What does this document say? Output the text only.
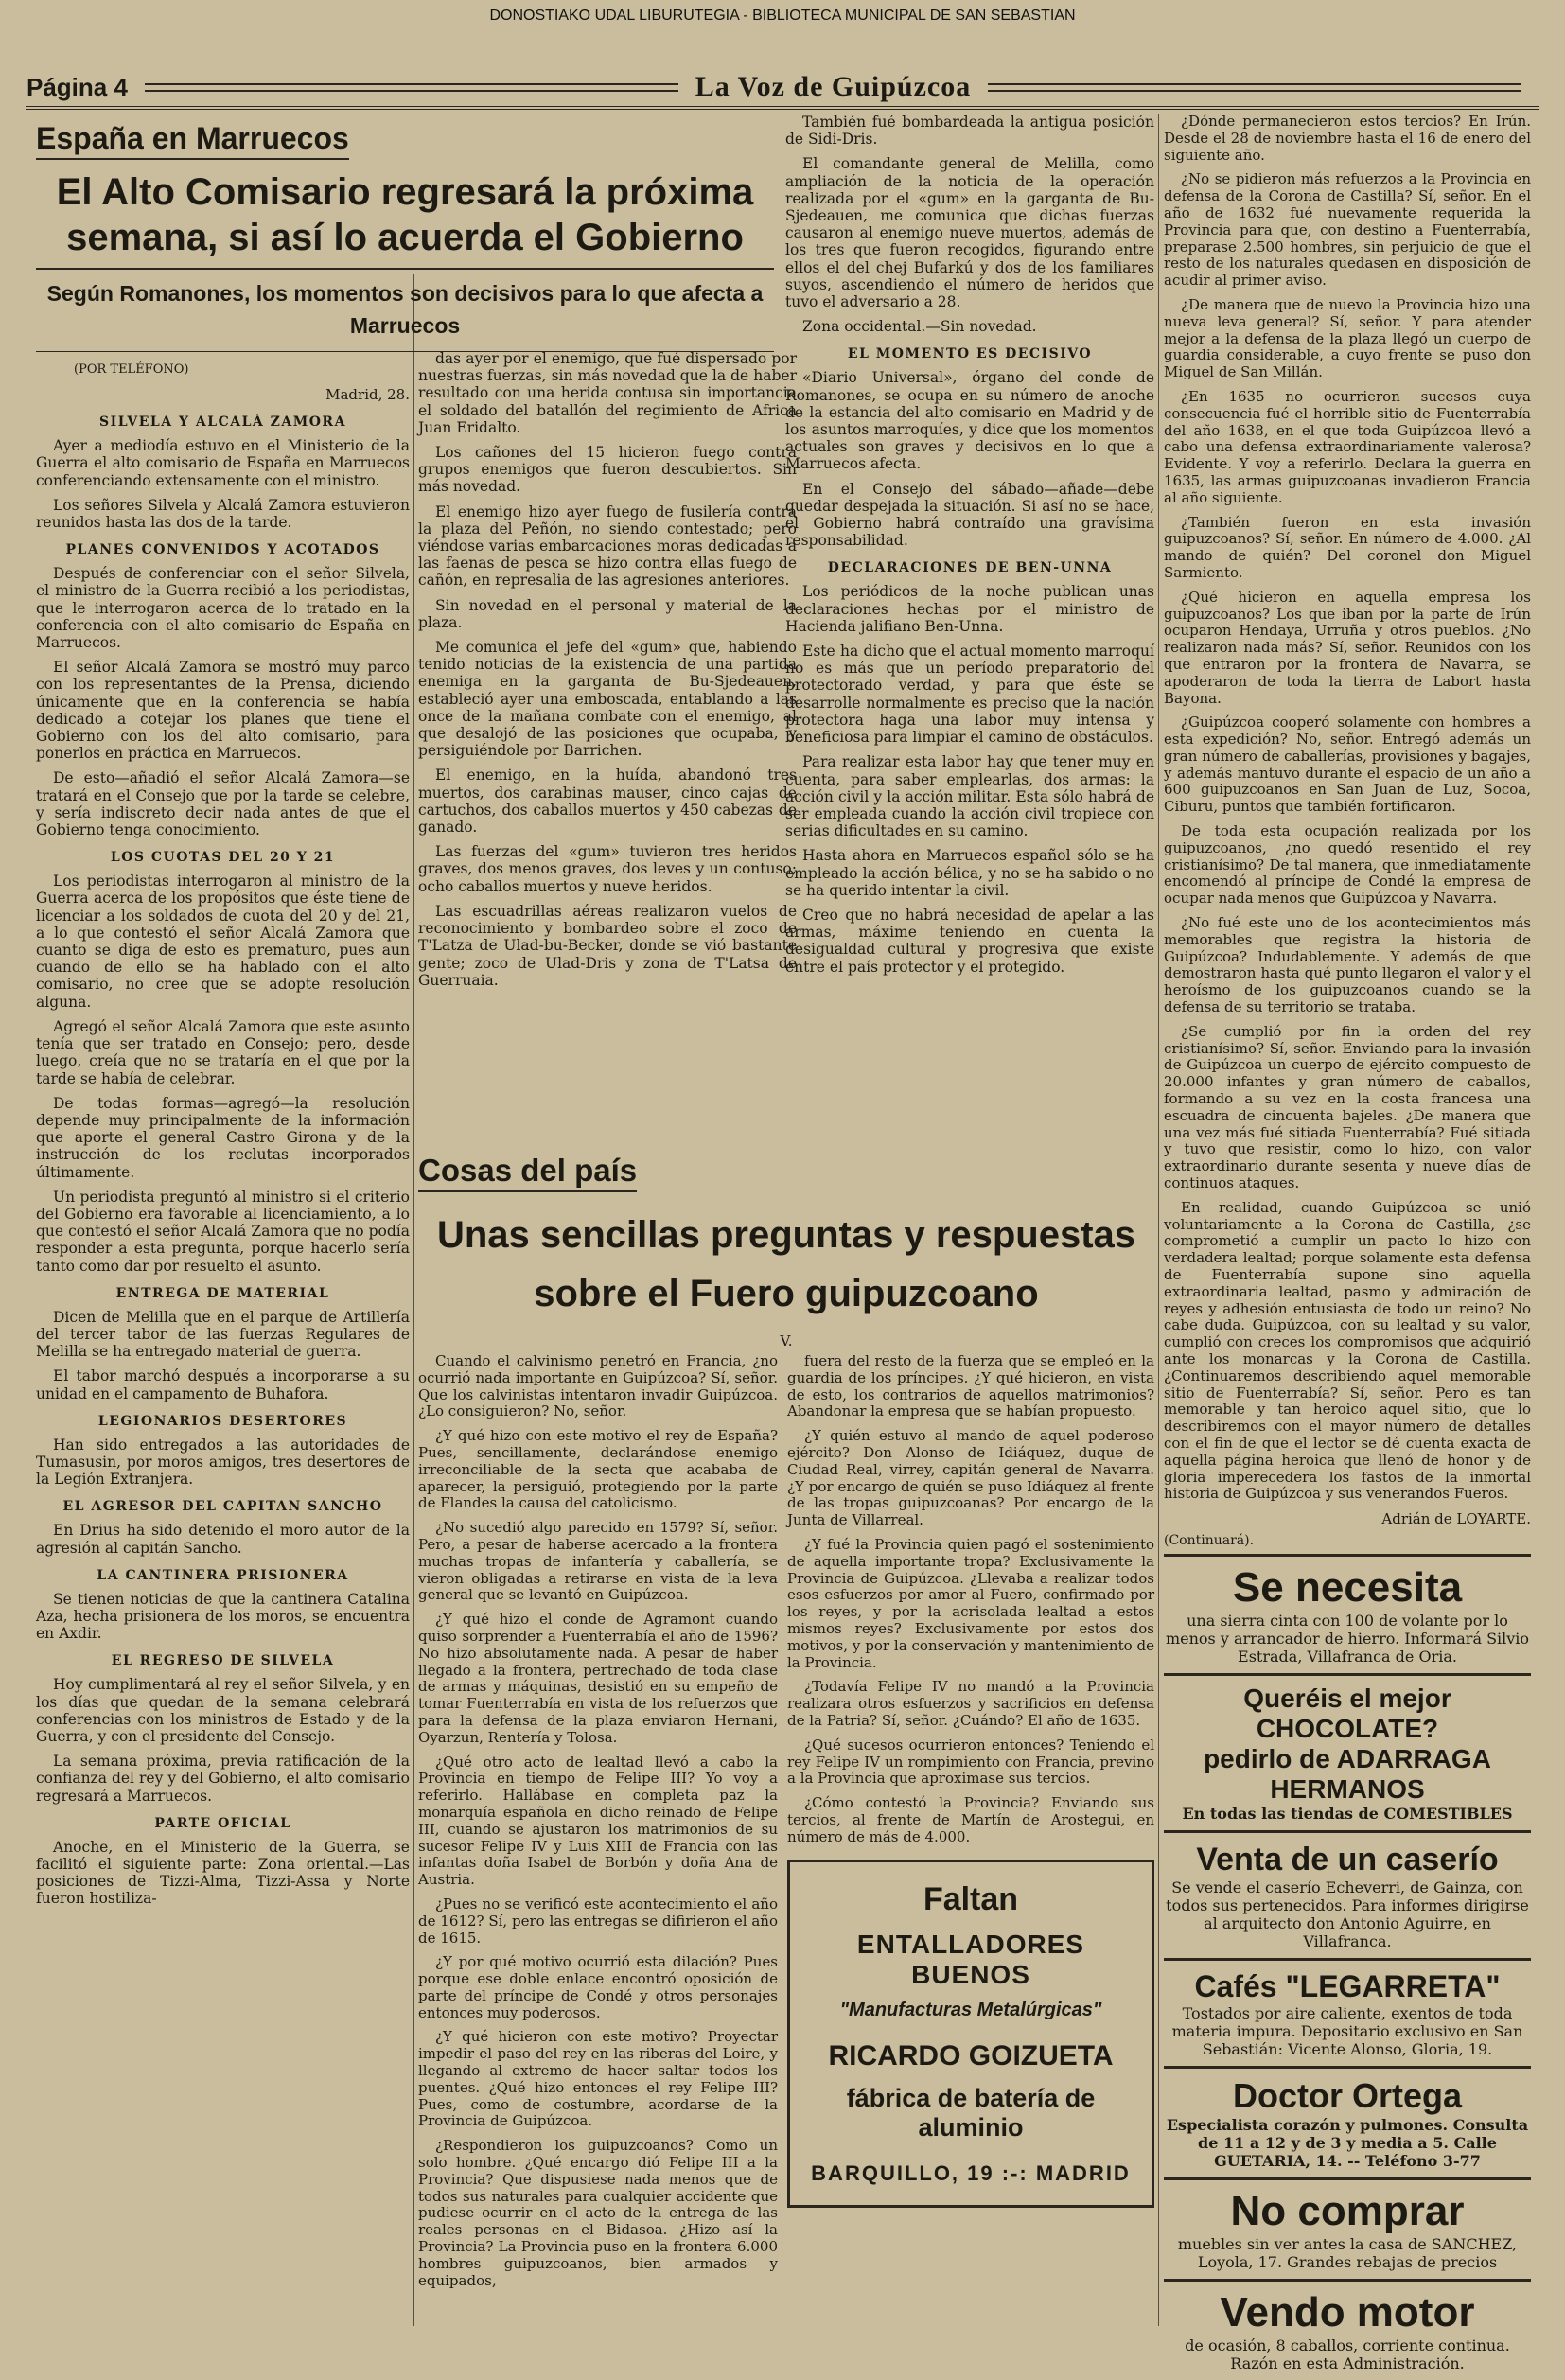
DONOSTIAKO UDAL LIBURUTEGIA - BIBLIOTECA MUNICIPAL DE SAN SEBASTIAN
Página 4	La Voz de Guipúzcoa
España en Marruecos
El Alto Comisario regresará la próxima semana, si así lo acuerda el Gobierno
Según Romanones, los momentos son decisivos para lo que afecta a Marruecos

(POR TELÉFONO)

Madrid, 28.
SILVELA Y ALCALÁ ZAMORA

Ayer a mediodía estuvo en el Ministerio de la Guerra el alto comisario de España en Marruecos conferenciando extensamente con el ministro.

Los señores Silvela y Alcalá Zamora estuvieron reunidos hasta las dos de la tarde.

PLANES CONVENIDOS Y ACOTADOS

Después de conferenciar con el señor Silvela, el ministro de la Guerra recibió a los periodistas, que le interrogaron acerca de lo tratado en la conferencia con el alto comisario de España en Marruecos.

El señor Alcalá Zamora se mostró muy parco con los representantes de la Prensa, diciendo únicamente que en la conferencia se había dedicado a cotejar los planes que tiene el Gobierno con los del alto comisario, para ponerlos en práctica en Marruecos.

De esto—añadió el señor Alcalá Zamora—se tratará en el Consejo que por la tarde se celebre, y sería indiscreto decir nada antes de que el Gobierno tenga conocimiento.

LOS CUOTAS DEL 20 Y 21

Los periodistas interrogaron al ministro de la Guerra acerca de los propósitos que éste tiene de licenciar a los soldados de cuota del 20 y del 21, a lo que contestó el señor Alcalá Zamora que cuanto se diga de esto es prematuro, pues aun cuando de ello se ha hablado con el alto comisario, no cree que se adopte resolución alguna.

Agregó el señor Alcalá Zamora que este asunto tenía que ser tratado en Consejo; pero, desde luego, creía que no se trataría en el que por la tarde se había de celebrar.

De todas formas—agregó—la resolución depende muy principalmente de la información que aporte el general Castro Girona y de la instrucción de los reclutas incorporados últimamente.

Un periodista preguntó al ministro si el criterio del Gobierno era favorable al licenciamiento, a lo que contestó el señor Alcalá Zamora que no podía responder a esta pregunta, porque hacerlo sería tanto como dar por resuelto el asunto.

ENTREGA DE MATERIAL

Dicen de Melilla que en el parque de Artillería del tercer tabor de las fuerzas Regulares de Melilla se ha entregado material de guerra.

El tabor marchó después a incorporarse a su unidad en el campamento de Buhafora.

LEGIONARIOS DESERTORES

Han sido entregados a las autoridades de Tumasusin, por moros amigos, tres desertores de la Legión Extranjera.

EL AGRESOR DEL CAPITAN SANCHO

En Drius ha sido detenido el moro autor de la agresión al capitán Sancho.

LA CANTINERA PRISIONERA

Se tienen noticias de que la cantinera Catalina Aza, hecha prisionera de los moros, se encuentra en Axdir.

EL REGRESO DE SILVELA

Hoy cumplimentará al rey el señor Silvela, y en los días que quedan de la semana celebrará conferencias con los ministros de Estado y de la Guerra, y con el presidente del Consejo.

La semana próxima, previa ratificación de la confianza del rey y del Gobierno, el alto comisario regresará a Marruecos.

PARTE OFICIAL

Anoche, en el Ministerio de la Guerra, se facilitó el siguiente parte: Zona oriental.—Las posiciones de Tizzi-Alma, Tizzi-Assa y Norte fueron hostiliza-

das ayer por el enemigo, que fué dispersado por nuestras fuerzas, sin más novedad que la de haber resultado con una herida contusa sin importancia el soldado del batallón del regimiento de Africa Juan Eridalto.

Los cañones del 15 hicieron fuego contra grupos enemigos que fueron descubiertos. Sin más novedad.

El enemigo hizo ayer fuego de fusilería contra la plaza del Peñón, no siendo contestado; pero viéndose varias embarcaciones moras dedicadas a las faenas de pesca se hizo contra ellas fuego de cañón, en represalia de las agresiones anteriores.

Sin novedad en el personal y material de la plaza.

Me comunica el jefe del «gum» que, habiendo tenido noticias de la existencia de una partida enemiga en la garganta de Bu-Sjedeauen, estableció ayer una emboscada, entablando a las once de la mañana combate con el enemigo, al que desalojó de las posiciones que ocupaba, y persiguiéndole por Barrichen.

El enemigo, en la huída, abandonó tres muertos, dos carabinas mauser, cinco cajas de cartuchos, dos caballos muertos y 450 cabezas de ganado.

Las fuerzas del «gum» tuvieron tres heridos graves, dos menos graves, dos leves y un contuso; ocho caballos muertos y nueve heridos.

Las escuadrillas aéreas realizaron vuelos de reconocimiento y bombardeo sobre el zoco de T'Latza de Ulad-bu-Becker, donde se vió bastante gente; zoco de Ulad-Dris y zona de T'Latsa de Guerruaia.

También fué bombardeada la antigua posición de Sidi-Dris.

El comandante general de Melilla, como ampliación de la noticia de la operación realizada por el «gum» en la garganta de Bu-Sjedeauen, me comunica que dichas fuerzas causaron al enemigo nueve muertos, además de los tres que fueron recogidos, figurando entre ellos el del chej Bufarkú y dos de los familiares suyos, ascendiendo el número de heridos que tuvo el adversario a 28.

Zona occidental.—Sin novedad.

EL MOMENTO ES DECISIVO

«Diario Universal», órgano del conde de Romanones, se ocupa en su número de anoche de la estancia del alto comisario en Madrid y de los asuntos marroquíes, y dice que los momentos actuales son graves y decisivos en lo que a Marruecos afecta.

En el Consejo del sábado—añade—debe quedar despejada la situación. Si así no se hace, el Gobierno habrá contraído una gravísima responsabilidad.

DECLARACIONES DE BEN-UNNA

Los periódicos de la noche publican unas declaraciones hechas por el ministro de Hacienda jalifiano Ben-Unna.

Este ha dicho que el actual momento marroquí no es más que un período preparatorio del protectorado verdad, y para que éste se desarrolle normalmente es preciso que la nación protectora haga una labor muy intensa y beneficiosa para limpiar el camino de obstáculos.

Para realizar esta labor hay que tener muy en cuenta, para saber emplearlas, dos armas: la acción civil y la acción militar. Esta sólo habrá de ser empleada cuando la acción civil tropiece con serias dificultades en su camino.

Hasta ahora en Marruecos español sólo se ha empleado la acción bélica, y no se ha sabido o no se ha querido intentar la civil.

Creo que no habrá necesidad de apelar a las armas, máxime teniendo en cuenta la desigualdad cultural y progresiva que existe entre el país protector y el protegido.

Cosas del país
Unas sencillas preguntas y respuestas sobre el Fuero guipuzcoano
V.

Cuando el calvinismo penetró en Francia, ¿no ocurrió nada importante en Guipúzcoa? Sí, señor. Que los calvinistas intentaron invadir Guipúzcoa. ¿Lo consiguieron? No, señor.

¿Y qué hizo con este motivo el rey de España? Pues, sencillamente, declarándose enemigo irreconciliable de la secta que acababa de aparecer, la persiguió, protegiendo por la parte de Flandes la causa del catolicismo.

¿No sucedió algo parecido en 1579? Sí, señor. Pero, a pesar de haberse acercado a la frontera muchas tropas de infantería y caballería, se vieron obligadas a retirarse en vista de la leva general que se levantó en Guipúzcoa.

¿Y qué hizo el conde de Agramont cuando quiso sorprender a Fuenterrabía el año de 1596? No hizo absolutamente nada. A pesar de haber llegado a la frontera, pertrechado de toda clase de armas y máquinas, desistió en su empeño de tomar Fuenterrabía en vista de los refuerzos que para la defensa de la plaza enviaron Hernani, Oyarzun, Rentería y Tolosa.

¿Qué otro acto de lealtad llevó a cabo la Provincia en tiempo de Felipe III? Yo voy a referirlo. Hallábase en completa paz la monarquía española en dicho reinado de Felipe III, cuando se ajustaron los matrimonios de su sucesor Felipe IV y Luis XIII de Francia con las infantas doña Isabel de Borbón y doña Ana de Austria.

¿Pues no se verificó este acontecimiento el año de 1612? Sí, pero las entregas se difirieron el año de 1615.

¿Y por qué motivo ocurrió esta dilación? Pues porque ese doble enlace encontró oposición de parte del príncipe de Condé y otros personajes entonces muy poderosos.

¿Y qué hicieron con este motivo? Proyectar impedir el paso del rey en las riberas del Loire, y llegando al extremo de hacer saltar todos los puentes. ¿Qué hizo entonces el rey Felipe III? Pues, como de costumbre, acordarse de la Provincia de Guipúzcoa.

¿Respondieron los guipuzcoanos? Como un solo hombre. ¿Qué encargo dió Felipe III a la Provincia? Que dispusiese nada menos que de todos sus naturales para cualquier accidente que pudiese ocurrir en el acto de la entrega de las reales personas en el Bidasoa. ¿Hizo así la Provincia? La Provincia puso en la frontera 6.000 hombres guipuzcoanos, bien armados y equipados,

fuera del resto de la fuerza que se empleó en la guardia de los príncipes. ¿Y qué hicieron, en vista de esto, los contrarios de aquellos matrimonios? Abandonar la empresa que se habían propuesto.

¿Y quién estuvo al mando de aquel poderoso ejército? Don Alonso de Idiáquez, duque de Ciudad Real, virrey, capitán general de Navarra. ¿Y por encargo de quién se puso Idiáquez al frente de las tropas guipuzcoanas? Por encargo de la Junta de Villarreal.

¿Y fué la Provincia quien pagó el sostenimiento de aquella importante tropa? Exclusivamente la Provincia de Guipúzcoa. ¿Llevaba a realizar todos esos esfuerzos por amor al Fuero, confirmado por los reyes, y por la acrisolada lealtad a estos mismos reyes? Exclusivamente por estos dos motivos, y por la conservación y mantenimiento de la Provincia.

¿Todavía Felipe IV no mandó a la Provincia realizara otros esfuerzos y sacrificios en defensa de la Patria? Sí, señor. ¿Cuándo? El año de 1635.

¿Qué sucesos ocurrieron entonces? Teniendo el rey Felipe IV un rompimiento con Francia, previno a la Provincia que aproximase sus tercios.

¿Cómo contestó la Provincia? Enviando sus tercios, al frente de Martín de Arostegui, en número de más de 4.000.

Faltan
ENTALLADORES BUENOS
"Manufacturas Metalúrgicas"
RICARDO GOIZUETA
fábrica de batería de aluminio
BARQUILLO, 19 :-: MADRID

¿Dónde permanecieron estos tercios? En Irún. Desde el 28 de noviembre hasta el 16 de enero del siguiente año.

¿No se pidieron más refuerzos a la Provincia en defensa de la Corona de Castilla? Sí, señor. En el año de 1632 fué nuevamente requerida la Provincia para que, con destino a Fuenterrabía, preparase 2.500 hombres, sin perjuicio de que el resto de los naturales quedasen en disposición de acudir al primer aviso.

¿De manera que de nuevo la Provincia hizo una nueva leva general? Sí, señor. Y para atender mejor a la defensa de la plaza llegó un cuerpo de guardia considerable, a cuyo frente se puso don Miguel de San Millán.

¿En 1635 no ocurrieron sucesos cuya consecuencia fué el horrible sitio de Fuenterrabía del año 1638, en el que toda Guipúzcoa llevó a cabo una defensa extraordinariamente valerosa? Evidente. Y voy a referirlo. Declara la guerra en 1635, las armas guipuzcoanas invadieron Francia al año siguiente.

¿También fueron en esta invasión guipuzcoanos? Sí, señor. En número de 4.000. ¿Al mando de quién? Del coronel don Miguel Sarmiento.

¿Qué hicieron en aquella empresa los guipuzcoanos? Los que iban por la parte de Irún ocuparon Hendaya, Urruña y otros pueblos. ¿No realizaron nada más? Sí, señor. Reunidos con los que entraron por la frontera de Navarra, se apoderaron de toda la tierra de Labort hasta Bayona.

¿Guipúzcoa cooperó solamente con hombres a esta expedición? No, señor. Entregó además un gran número de caballerías, provisiones y bagajes, y además mantuvo durante el espacio de un año a 600 guipuzcoanos en San Juan de Luz, Socoa, Ciburu, puntos que también fortificaron.

De toda esta ocupación realizada por los guipuzcoanos, ¿no quedó resentido el rey cristianísimo? De tal manera, que inmediatamente encomendó al príncipe de Condé la empresa de ocupar nada menos que Guipúzcoa y Navarra.

¿No fué este uno de los acontecimientos más memorables que registra la historia de Guipúzcoa? Indudablemente. Y además de que demostraron hasta qué punto llegaron el valor y el heroísmo de los guipuzcoanos cuando se la defensa de su territorio se trataba.

¿Se cumplió por fin la orden del rey cristianísimo? Sí, señor. Enviando para la invasión de Guipúzcoa un cuerpo de ejército compuesto de 20.000 infantes y gran número de caballos, formando a su vez en la costa francesa una escuadra de cincuenta bajeles. ¿De manera que una vez más fué sitiada Fuenterrabía? Fué sitiada y tuvo que resistir, como lo hizo, con valor extraordinario durante sesenta y nueve días de continuos ataques.

En realidad, cuando Guipúzcoa se unió voluntariamente a la Corona de Castilla, ¿se comprometió a cumplir un pacto lo hizo con verdadera lealtad; porque solamente esta defensa de Fuenterrabía supone sino aquella extraordinaria lealtad, pasmo y admiración de reyes y adhesión entusiasta de todo un reino? No cabe duda. Guipúzcoa, con su lealtad y su valor, cumplió con creces los compromisos que adquirió ante los monarcas y la Corona de Castilla. ¿Continuaremos describiendo aquel memorable sitio de Fuenterrabía? Sí, señor. Pero es tan memorable y tan heroico aquel sitio, que lo describiremos con el mayor número de detalles con el fin de que el lector se dé cuenta exacta de aquella página heroica que llenó de honor y de gloria imperecedera los fastos de la inmortal historia de Guipúzcoa y sus venerandos Fueros.

Adrián de LOYARTE.
(Continuará).
Se necesita
una sierra cinta con 100 de volante por lo menos y arrancador de hierro. Informará Silvio Estrada, Villafranca de Oria.
Queréis el mejor CHOCOLATE?
pedirlo de ADARRAGA HERMANOS
En todas las tiendas de COMESTIBLES
Venta de un caserío
Se vende el caserío Echeverri, de Gainza, con todos sus pertenecidos. Para informes dirigirse al arquitecto don Antonio Aguirre, en Villafranca.
Cafés "LEGARRETA"
Tostados por aire caliente, exentos de toda materia impura. Depositario exclusivo en San Sebastián: Vicente Alonso, Gloria, 19.
Doctor Ortega
Especialista corazón y pulmones. Consulta de 11 a 12 y de 3 y media a 5. Calle GUETARIA, 14. -- Teléfono 3-77
No comprar
muebles sin ver antes la casa de SANCHEZ, Loyola, 17. Grandes rebajas de precios
Vendo motor
de ocasión, 8 caballos, corriente continua. Razón en esta Administración.
